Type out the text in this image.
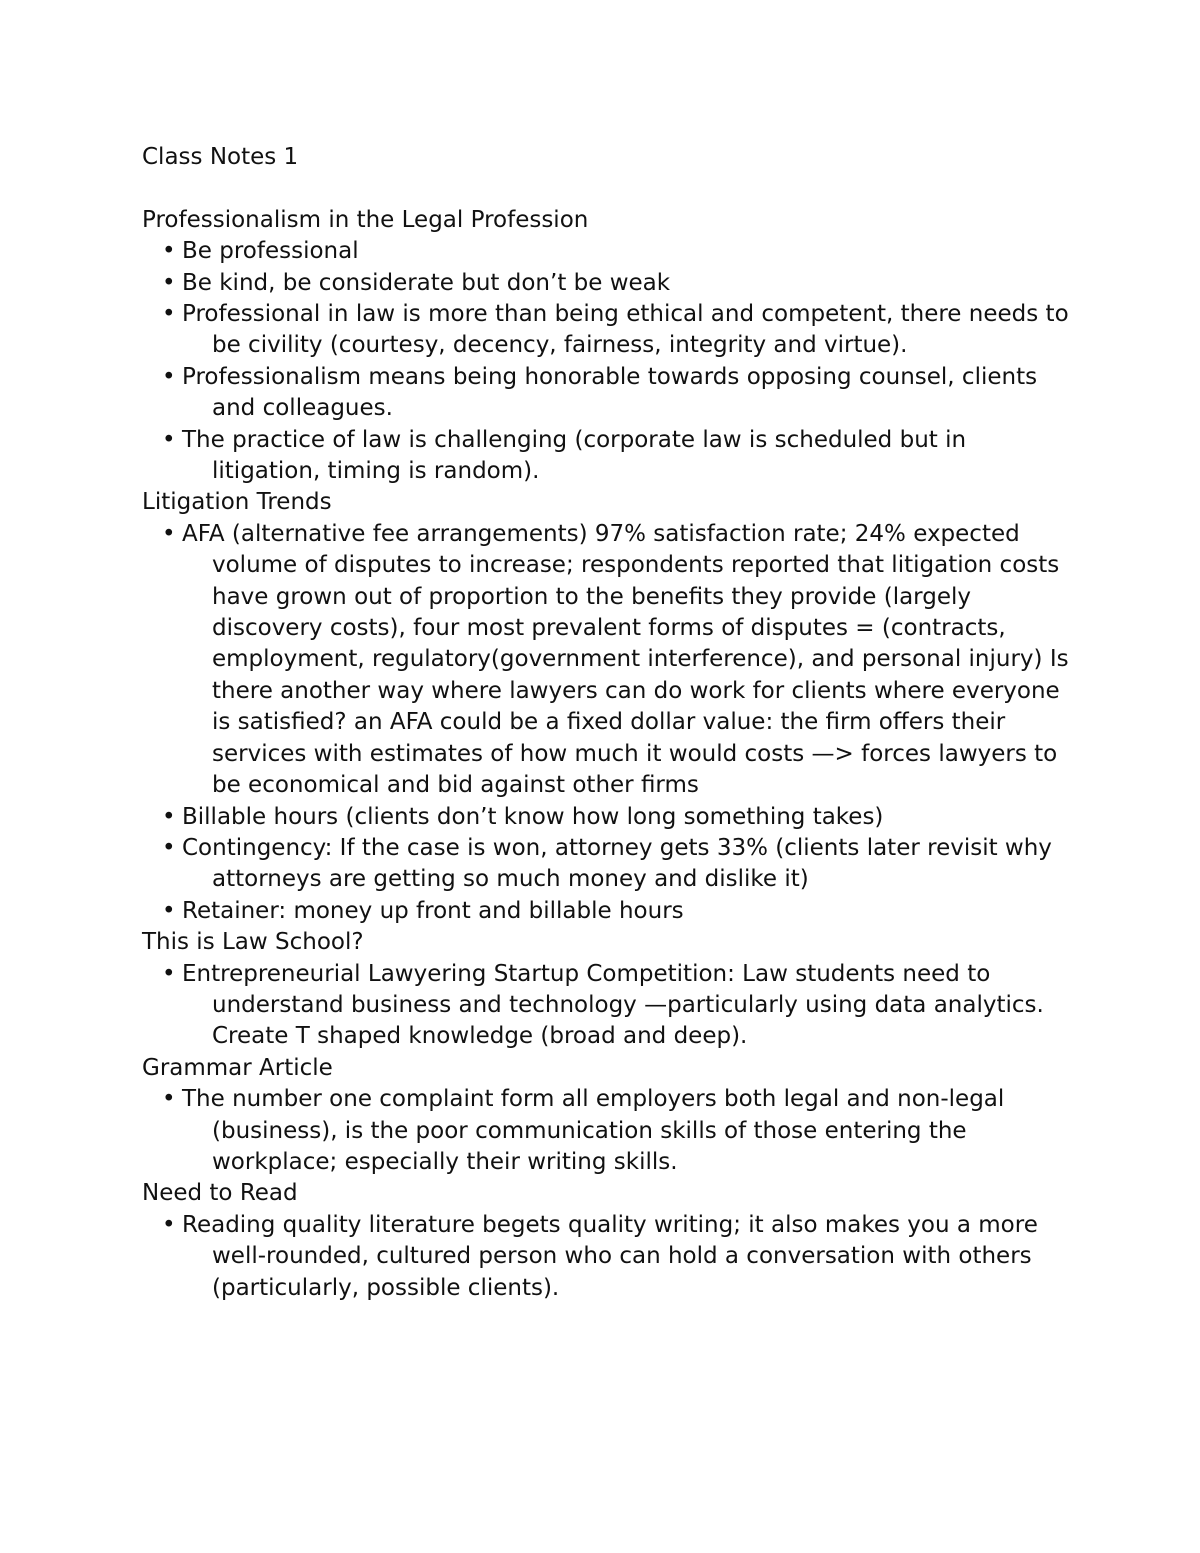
Class Notes 1
Professionalism in the Legal Profession
• Be professional
• Be kind, be considerate but don’t be weak
• Professional in law is more than being ethical and competent, there needs to be civility (courtesy, decency, fairness, integrity and virtue).
• Professionalism means being honorable towards opposing counsel, clients and colleagues.
• The practice of law is challenging (corporate law is scheduled but in litigation, timing is random).
Litigation Trends
• AFA (alternative fee arrangements) 97% satisfaction rate; 24% expected volume of disputes to increase; respondents reported that litigation costs have grown out of proportion to the benefits they provide (largely discovery costs), four most prevalent forms of disputes = (contracts, employment, regulatory(government interference), and personal injury) Is there another way where lawyers can do work for clients where everyone is satisfied? an AFA could be a fixed dollar value: the firm offers their services with estimates of how much it would costs —> forces lawyers to be economical and bid against other firms
• Billable hours (clients don’t know how long something takes)
• Contingency: If the case is won, attorney gets 33% (clients later revisit why attorneys are getting so much money and dislike it)
• Retainer: money up front and billable hours
This is Law School?
• Entrepreneurial Lawyering Startup Competition: Law students need to understand business and technology —particularly using data analytics. Create T shaped knowledge (broad and deep).
Grammar Article
• The number one complaint form all employers both legal and non-legal (business), is the poor communication skills of those entering the workplace; especially their writing skills.
Need to Read
• Reading quality literature begets quality writing; it also makes you a more well-rounded, cultured person who can hold a conversation with others (particularly, possible clients).
